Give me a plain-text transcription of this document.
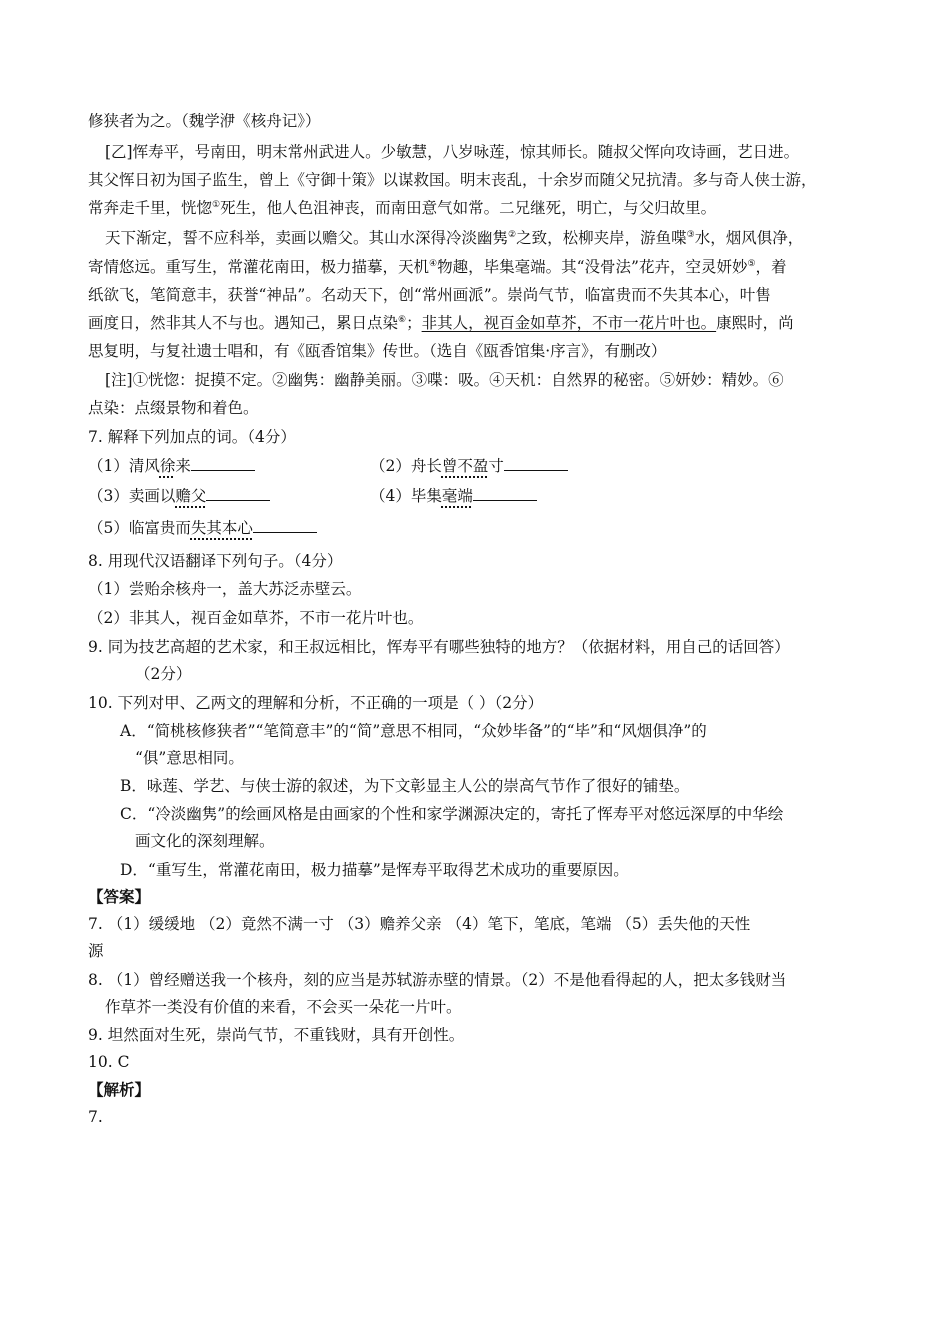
修狭者为之。（魏学洢《核舟记》）
[乙]恽寿平，号南田，明末常州武进人。少敏慧，八岁咏莲，惊其师长。随叔父恽向攻诗画，艺日进。
其父恽日初为国子监生，曾上《守御十策》以谋救国。明末丧乱，十余岁而随父兄抗清。多与奇人侠士游，
常奔走千里，恍惚①死生，他人色沮神丧，而南田意气如常。二兄继死，明亡，与父归故里。
天下渐定，誓不应科举，卖画以赡父。其山水深得冷淡幽隽②之致，松柳夹岸，游鱼喋③水，烟风俱净，
寄情悠远。重写生，常灌花南田，极力描摹，天机④物趣，毕集毫端。其“没骨法”花卉，空灵妍妙⑤，着
纸欲飞，笔简意丰，获誉“神品”。名动天下，创“常州画派”。崇尚气节，临富贵而不失其本心，叶售
画度日，然非其人不与也。遇知己，累日点染⑥；非其人，视百金如草芥，不市一花片叶也。康熙时，尚
思复明，与复社遗士唱和，有《瓯香馆集》传世。（选自《瓯香馆集·序言》，有删改）
[注]①恍惚：捉摸不定。②幽隽：幽静美丽。③喋：吸。④天机：自然界的秘密。⑤妍妙：精妙。⑥
点染：点缀景物和着色。
7. 解释下列加点的词。（4分）
（1）清风徐来	（2）舟长曾不盈寸
（3）卖画以赡父	（4）毕集毫端
（5）临富贵而失其本心
8. 用现代汉语翻译下列句子。（4分）
（1）尝贻余核舟一，盖大苏泛赤壁云。
（2）非其人，视百金如草芥，不市一花片叶也。
9. 同为技艺高超的艺术家，和王叔远相比，恽寿平有哪些独特的地方？（依据材料，用自己的话回答）
（2分）
10. 下列对甲、乙两文的理解和分析，不正确的一项是（ ）（2分）
A．“简桃核修狭者”“笔简意丰”的“简”意思不相同，“众妙毕备”的“毕”和“风烟俱净”的
“俱”意思相同。
B．咏莲、学艺、与侠士游的叙述，为下文彰显主人公的崇高气节作了很好的铺垫。
C．“冷淡幽隽”的绘画风格是由画家的个性和家学渊源决定的，寄托了恽寿平对悠远深厚的中华绘
画文化的深刻理解。
D．“重写生，常灌花南田，极力描摹”是恽寿平取得艺术成功的重要原因。
【答案】
7. （1）缓缓地 （2）竟然不满一寸 （3）赡养父亲 （4）笔下，笔底，笔端 （5）丢失他的天性
源
8. （1）曾经赠送我一个核舟，刻的应当是苏轼游赤壁的情景。（2）不是他看得起的人，把太多钱财当
作草芥一类没有价值的来看，不会买一朵花一片叶。
9. 坦然面对生死，崇尚气节，不重钱财，具有开创性。
10. C
【解析】
7.
